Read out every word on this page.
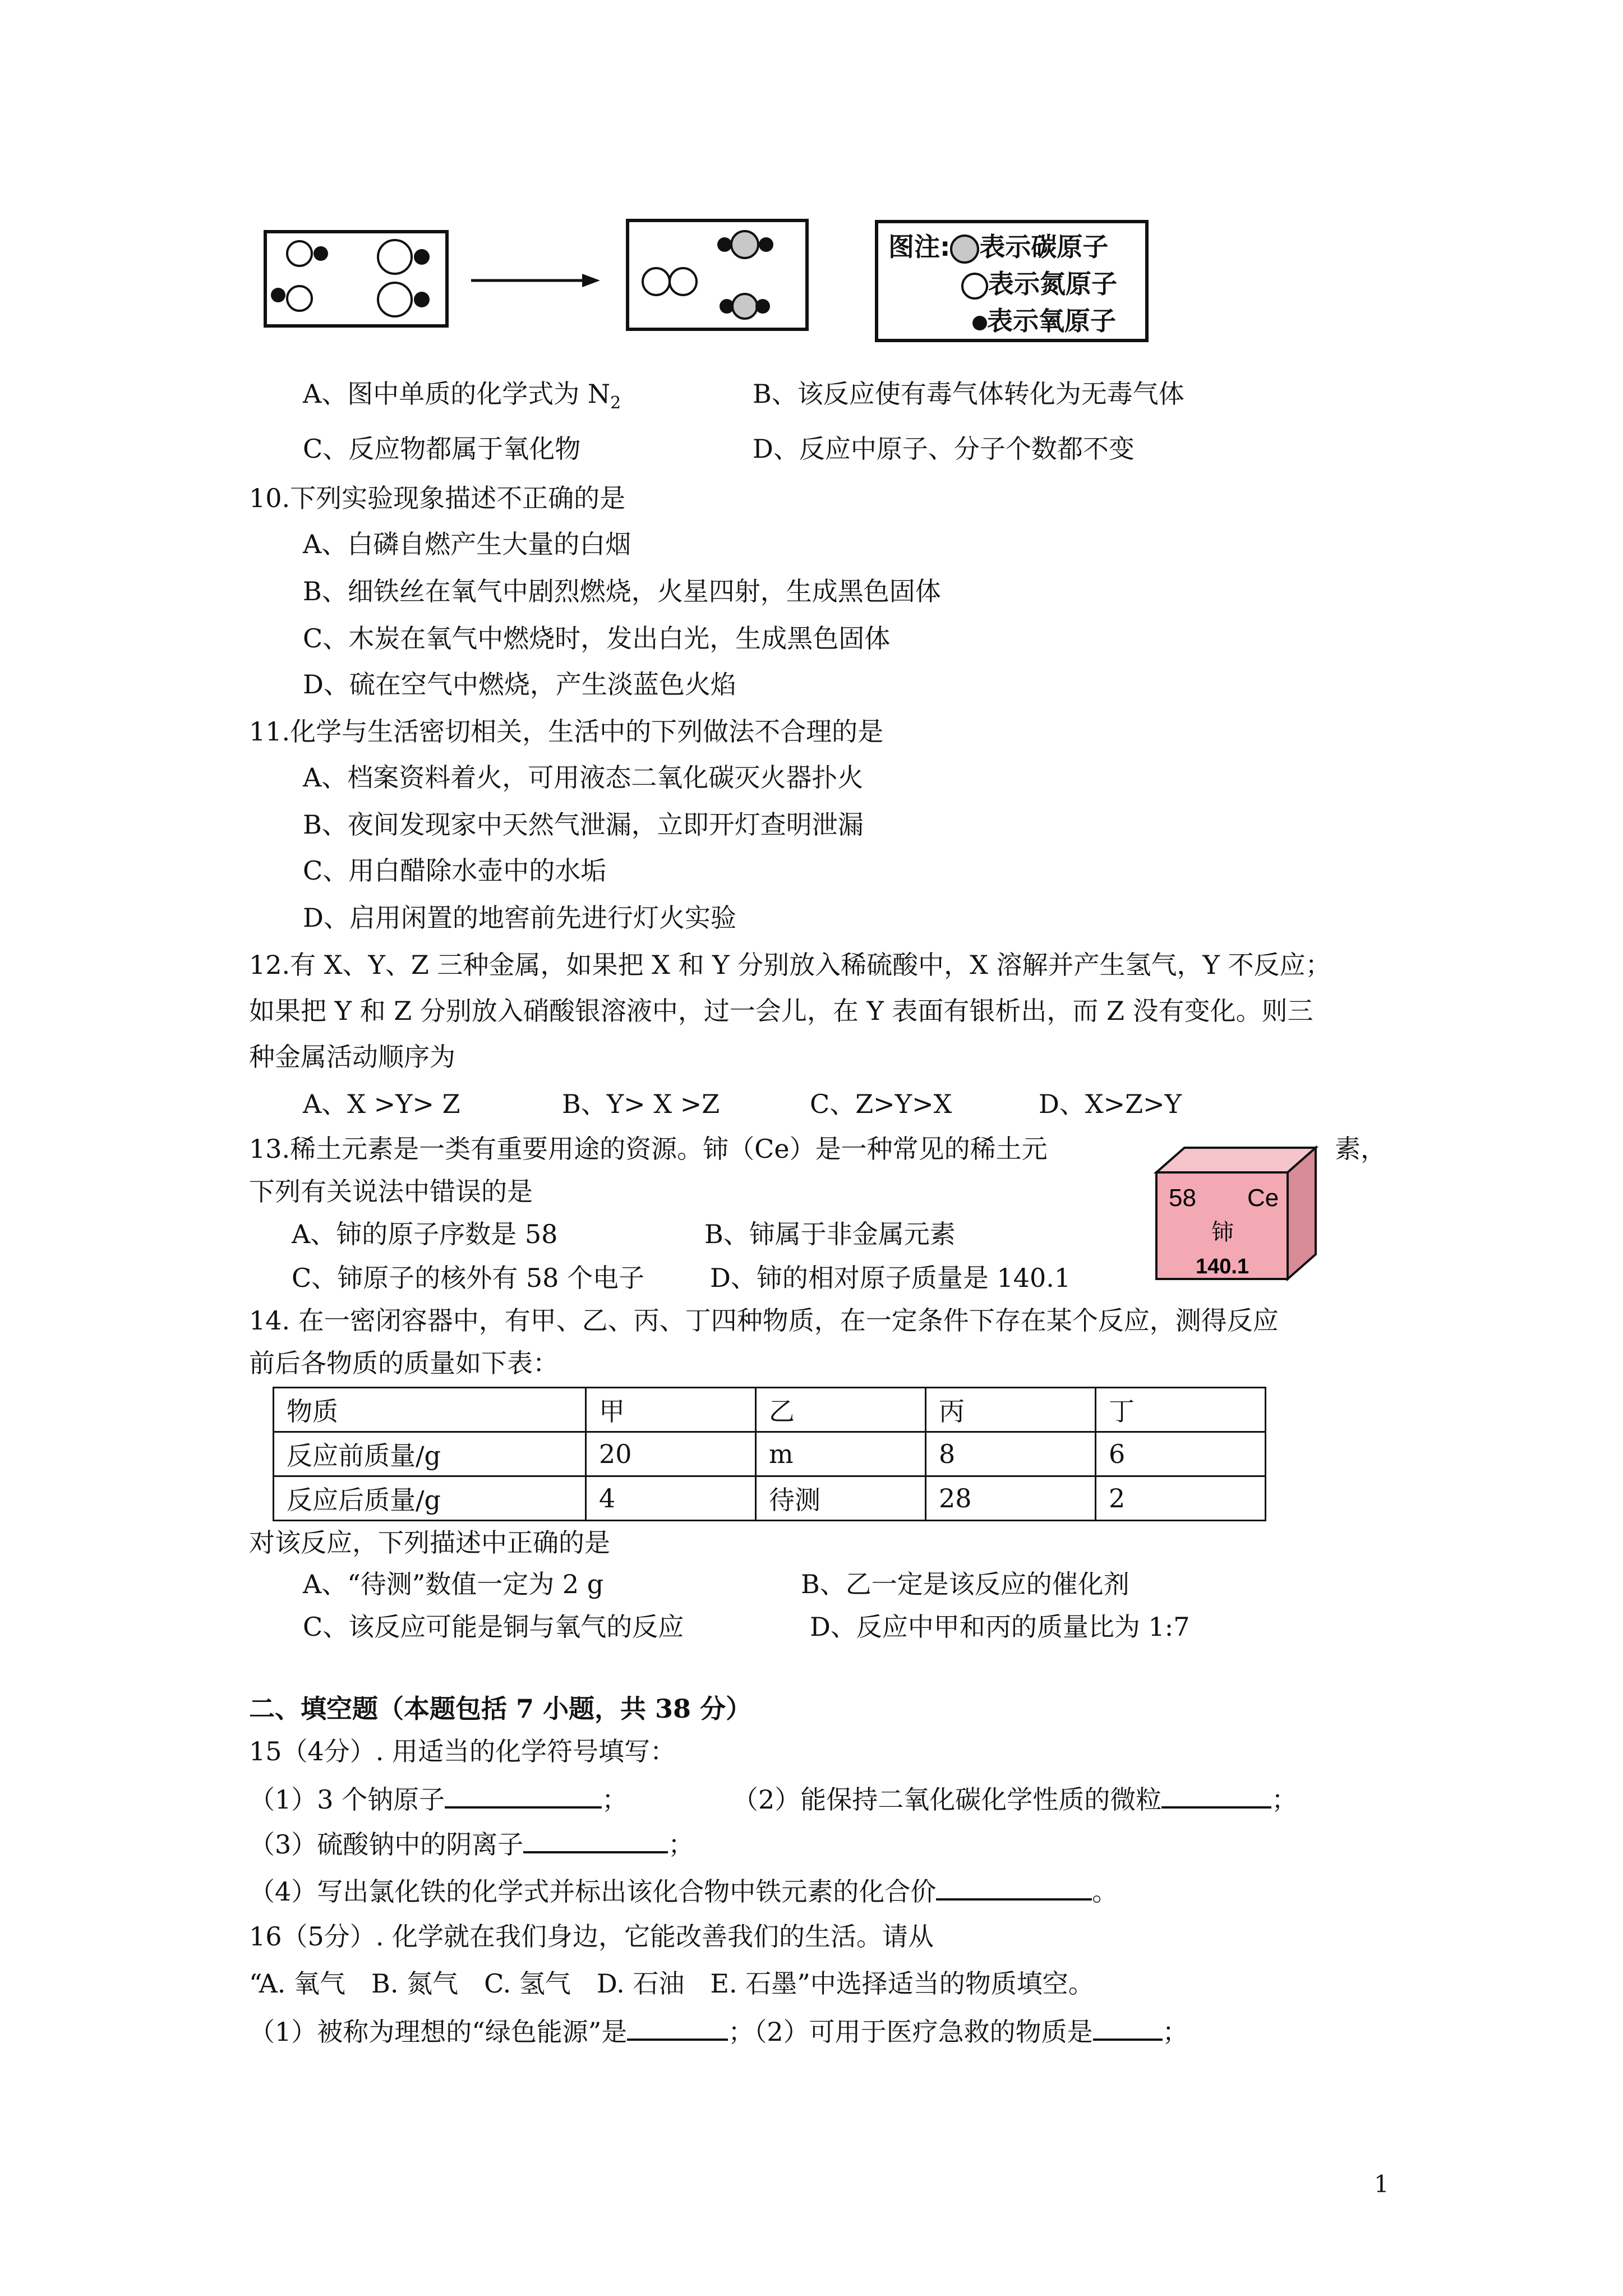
图注: 表示碳原子
表示氮原子
表示氧原子
A、图中单质的化学式为 $N_2$	B、该反应使有毒气体转化为无毒气体
C、反应物都属于氧化物	D、反应中原子、分子个数都不变
10.下列实验现象描述不正确的是
A、白磷自燃产生大量的白烟
B、细铁丝在氧气中剧烈燃烧，火星四射，生成黑色固体
C、木炭在氧气中燃烧时，发出白光，生成黑色固体
D、硫在空气中燃烧，产生淡蓝色火焰
11.化学与生活密切相关，生活中的下列做法不合理的是
A、档案资料着火，可用液态二氧化碳灭火器扑火
B、夜间发现家中天然气泄漏，立即开灯查明泄漏
C、用白醋除水壶中的水垢
D、启用闲置的地窖前先进行灯火实验
12.有 X、Y、Z 三种金属，如果把 X 和 Y 分别放入稀硫酸中，X 溶解并产生氢气，Y 不反应；
如果把 Y 和 Z 分别放入硝酸银溶液中，过一会儿，在 Y 表面有银析出，而 Z 没有变化。则三
种金属活动顺序为
A、X >Y> Z	B、Y> X >Z	C、Z>Y>X	D、X>Z>Y
13.稀土元素是一类有重要用途的资源。铈（Ce）是一种常见的稀土元	素，
下列有关说法中错误的是
A、铈的原子序数是 58	B、铈属于非金属元素
C、铈原子的核外有 58 个电子	D、铈的相对原子质量是 140.1
58 Ce
铈
140.1
14. 在一密闭容器中，有甲、乙、丙、丁四种物质，在一定条件下存在某个反应，测得反应
前后各物质的质量如下表：
物质	甲	乙	丙	丁
反应前质量/g	20	m	8	6
反应后质量/g	4	待测	28	2
对该反应，下列描述中正确的是
A、“待测”数值一定为 2 g	B、乙一定是该反应的催化剂
C、该反应可能是铜与氧气的反应	D、反应中甲和丙的质量比为 1:7
二、填空题（本题包括 7 小题，共 38 分）
15（4分）. 用适当的化学符号填写：
（1）3 个钠原子	；	（2）能保持二氧化碳化学性质的微粒	；
（3）硫酸钠中的阴离子	；
（4）写出氯化铁的化学式并标出该化合物中铁元素的化合价	。
16（5分）. 化学就在我们身边，它能改善我们的生活。请从
“A. 氧气　B. 氮气　C. 氢气　D. 石油　E. 石墨”中选择适当的物质填空。
（1）被称为理想的“绿色能源”是	；（2）可用于医疗急救的物质是	；
1
